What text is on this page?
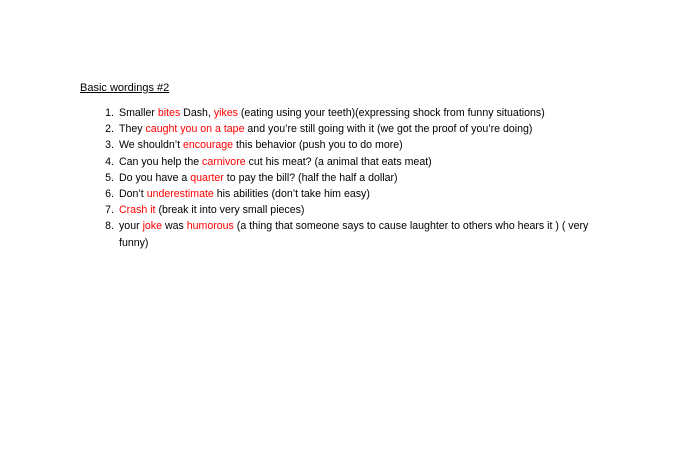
Basic wordings #2
1. Smaller bites Dash, yikes (eating using your teeth)(expressing shock from funny situations)
2. They caught you on a tape and you’re still going with it (we got the proof of you’re doing)
3. We shouldn’t encourage this behavior (push you to do more)
4. Can you help the carnivore cut his meat? (a animal that eats meat)
5. Do you have a quarter to pay the bill? (half the half a dollar)
6. Don’t underestimate his abilities (don’t take him easy)
7. Crash it (break it into very small pieces)
8. your joke was humorous (a thing that someone says to cause laughter to others who hears it ) ( very funny)
